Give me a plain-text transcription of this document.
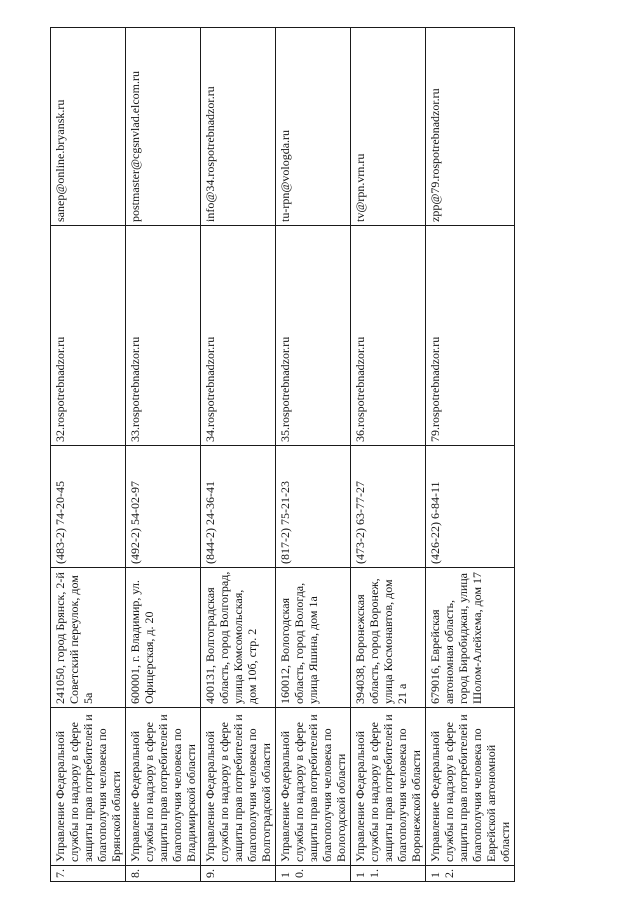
7.	Управление Федеральной службы по надзору в сфере защиты прав потребителей и благополучия человека по Брянской области	241050, город Брянск, 2-й Советский переулок, дом 5а	(483-2) 74-20-45	32.rospotrebnadzor.ru	sanep@online.bryansk.ru
8.	Управление Федеральной службы по надзору в сфере защиты прав потребителей и благополучия человека по Владимирской области	600001, г. Владимир, ул. Офицерская, д. 20	(492-2) 54-02-97	33.rospotrebnadzor.ru	postmaster@cgsnvlad.elcom.ru
9.	Управление Федеральной службы по надзору в сфере защиты прав потребителей и благополучия человека по Волгоградской области	400131, Волгоградская область, город Волгоград, улица Комсомольская, дом 10б, стр. 2	(844-2) 24-36-41	34.rospotrebnadzor.ru	info@34.rospotrebnadzor.ru
10.	Управление Федеральной службы по надзору в сфере защиты прав потребителей и благополучия человека по Вологодской области	160012, Вологодская область, город Вологда, улица Яшина, дом 1а	(817-2) 75-21-23	35.rospotrebnadzor.ru	tu-rpn@vologda.ru
11.	Управление Федеральной службы по надзору в сфере защиты прав потребителей и благополучия человека по Воронежской области	394038, Воронежская область, город Воронеж, улица Космонавтов, дом 21 а	(473-2) 63-77-27	36.rospotrebnadzor.ru	tv@rpn.vrn.ru
12.	Управление Федеральной службы по надзору в сфере защиты прав потребителей и благополучия человека по Еврейской автономной области	679016, Еврейская автономная область, город Биробиджан, улица Шолом-Алейхема, дом 17	(426-22) 6-84-11	79.rospotrebnadzor.ru	zpp@79.rospotrebnadzor.ru
